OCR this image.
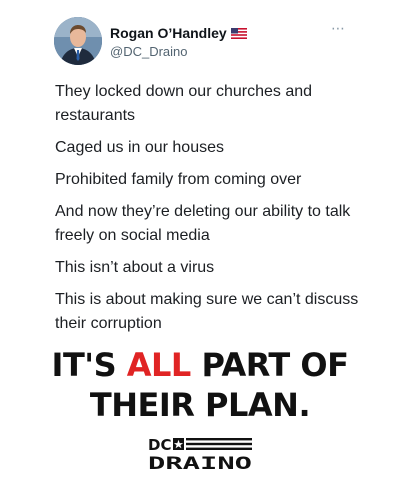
Rogan O’Handley
@DC_Draino
⋯

They locked down our churches and restaurants

Caged us in our houses

Prohibited family from coming over

And now they’re deleting our ability to talk freely on social media

This isn’t about a virus

This is about making sure we can’t discuss their corruption

IT'S ALL PART OF
THEIR PLAN.
DC
DRAINO
